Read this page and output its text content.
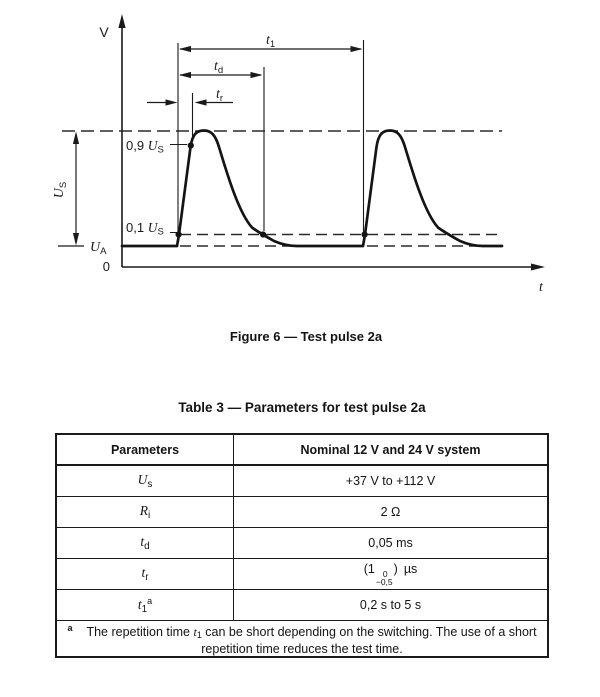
t1
td
tr
US
V
t
0
UA
0,9 US
0,1 US
Figure 6 — Test pulse 2a
Table 3 — Parameters for test pulse 2a
Parameters	Nominal 12 V and 24 V system
$U_s$	+37 V to +112 V
$R_i$	2 Ω
$t_d$	0,05 ms
$t_r$	(1 0
−0,5
) µs
$t_1^a$	0,2 s to 5 s
$^a$ The repetition time t1 can be short depending on the switching. The use of a short repetition time reduces the test time.	
